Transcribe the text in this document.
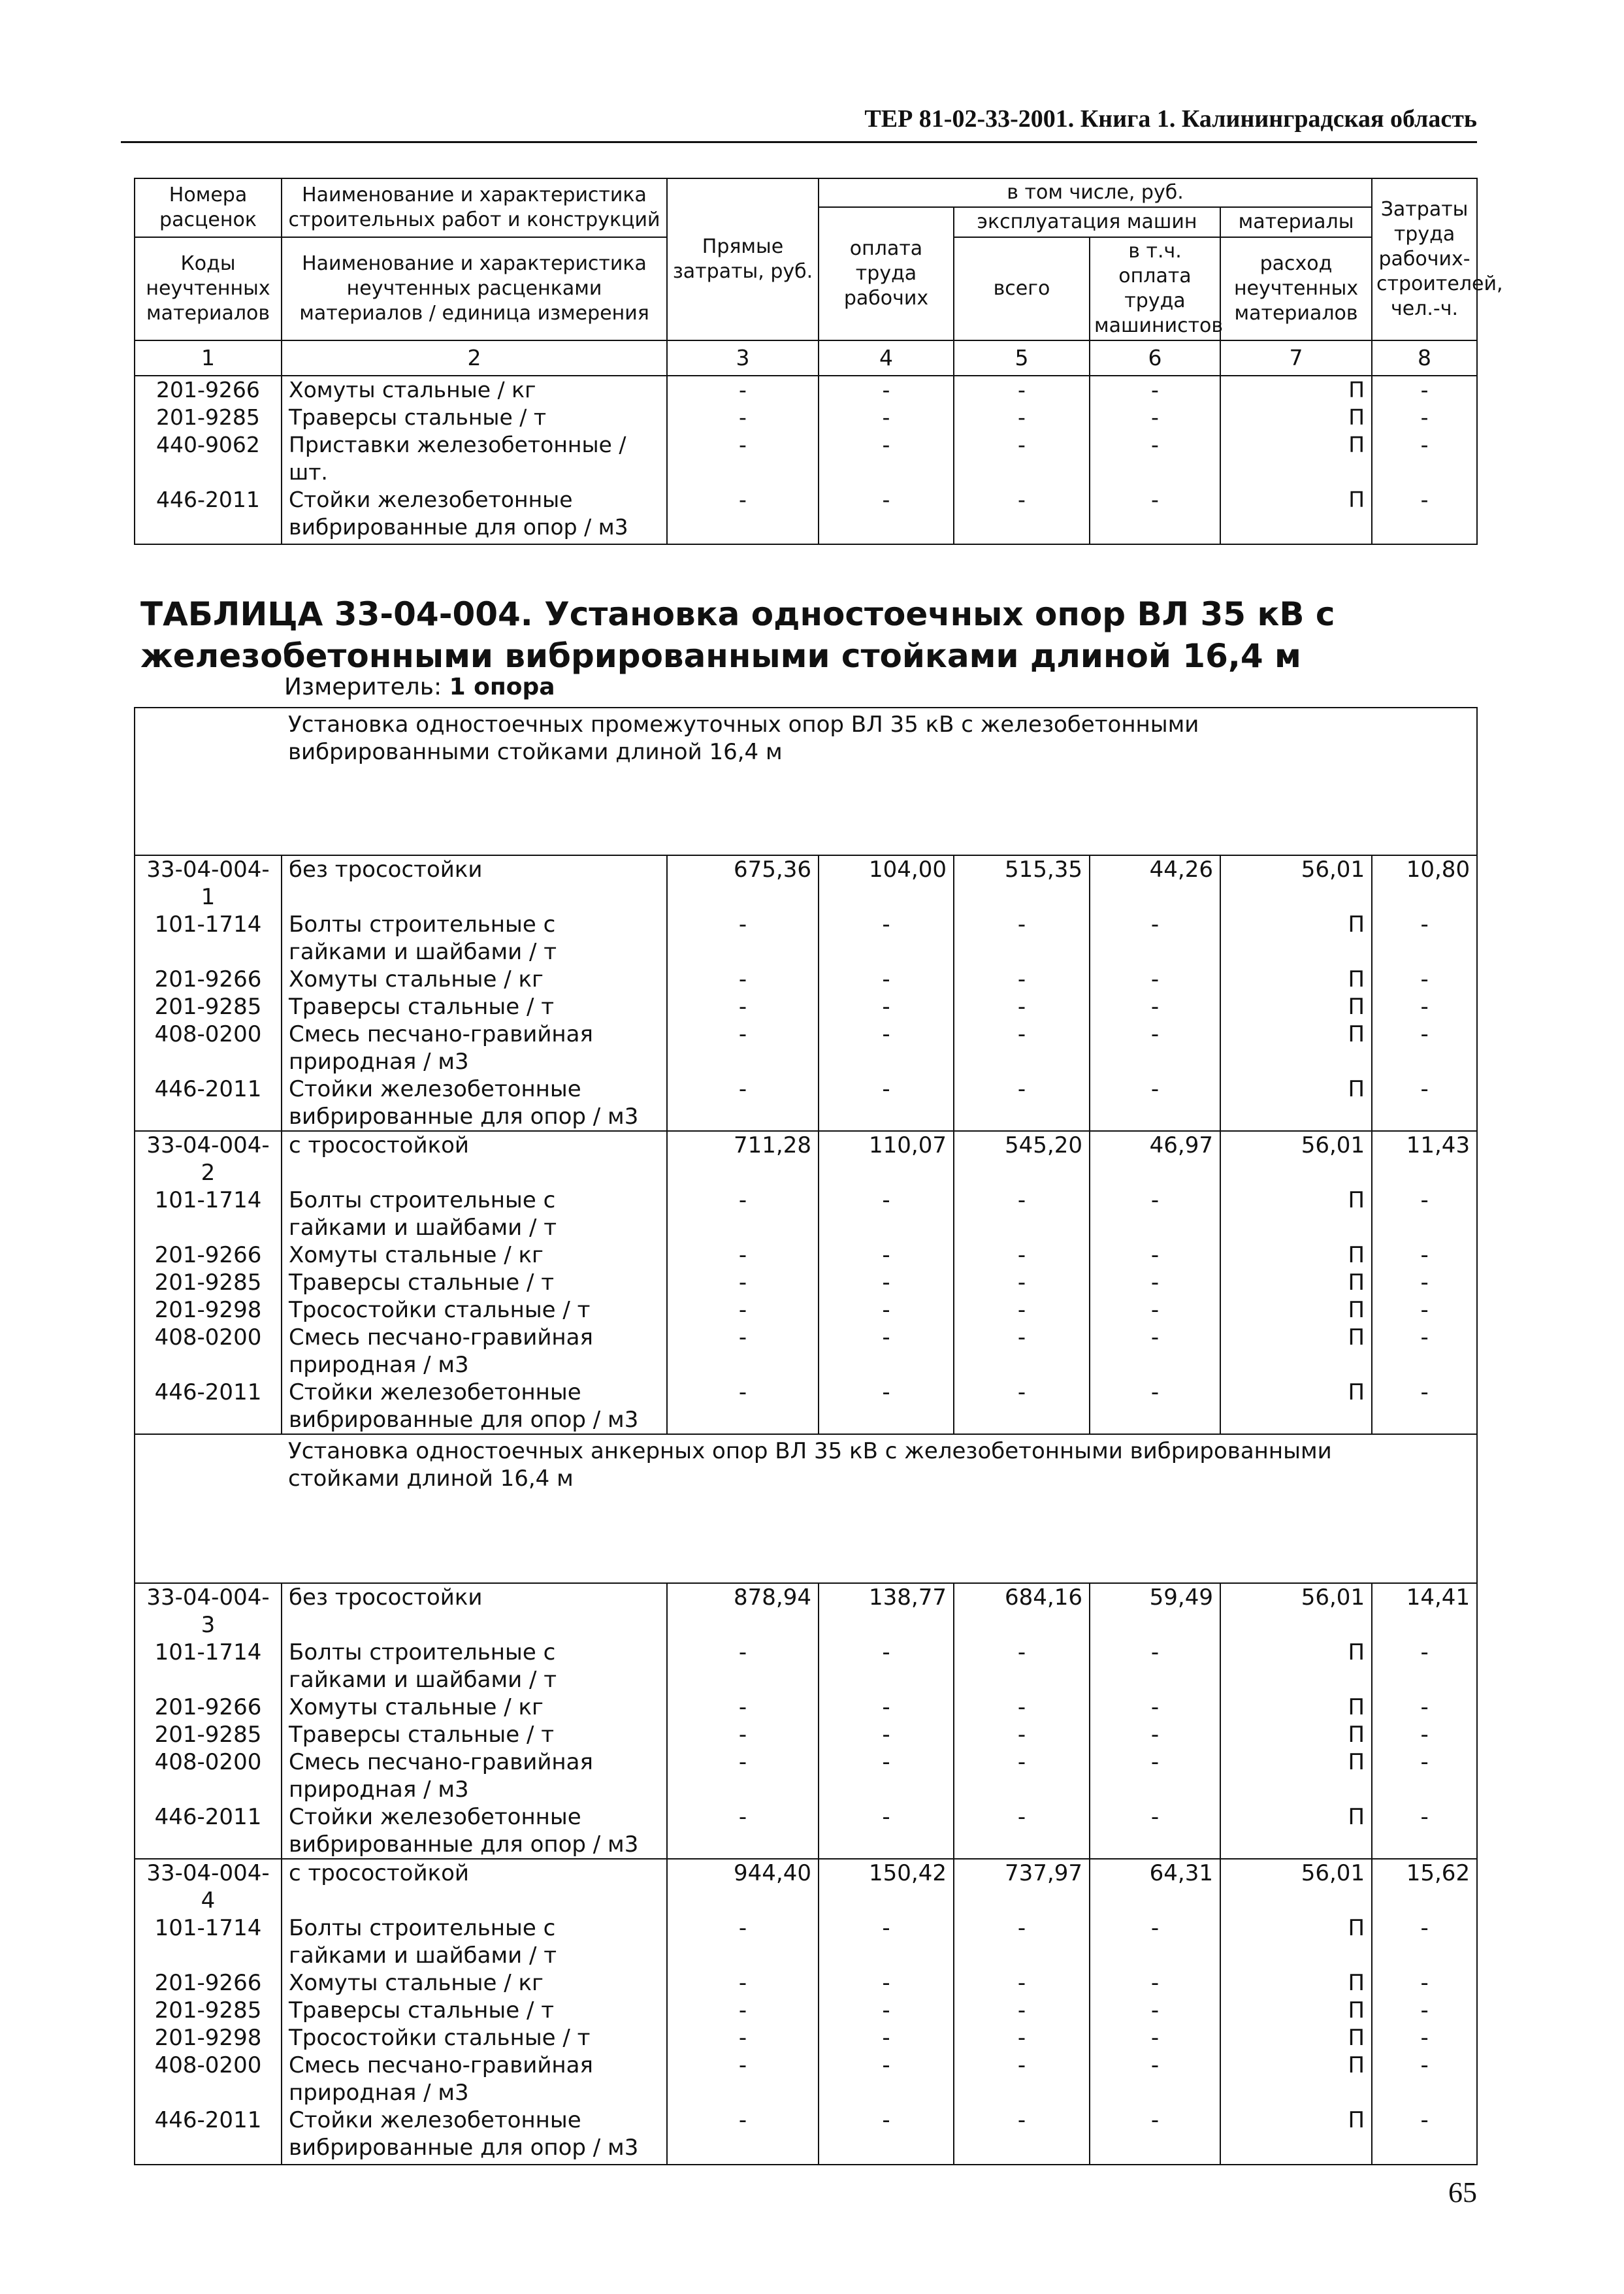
ТЕР 81-02-33-2001. Книга 1. Калининградская область
Номера расценок	Наименование и характеристика строительных работ и конструкций	Прямые затраты, руб.	в том числе, руб.				Затраты труда рабочих-строителей, чел.-ч.
			оплата труда рабочих	эксплуатация машин		материалы	
Коды неучтенных материалов	Наименование и характеристика неучтенных расценками материалов / единица измерения			всего	в т.ч. оплата труда машинистов	расход неучтенных материалов	

1	2	3	4	5	6	7	8
201-9266	Хомуты стальные / кг	-	-	-	-	П	-
201-9285	Траверсы стальные / т	-	-	-	-	П	-
440-9062	Приставки железобетонные / шт.	-	-	-	-	П	-
446-2011	Стойки железобетонные вибрированные для опор / м3	-	-	-	-	П	-
ТАБЛИЦА 33-04-004. Установка одностоечных опор ВЛ 35 кВ с железобетонными вибрированными стойками длиной 16,4 м
Измеритель: 1 опора
	Установка одностоечных промежуточных опор ВЛ 35 кВ с железобетонными вибрированными стойками длиной 16,4 м						
33-04-004-1	без тросостойки	675,36	104,00	515,35	44,26	56,01	10,80
101-1714	Болты строительные с гайками и шайбами / т	-	-	-	-	П	-
201-9266	Хомуты стальные / кг	-	-	-	-	П	-
201-9285	Траверсы стальные / т	-	-	-	-	П	-
408-0200	Смесь песчано-гравийная природная / м3	-	-	-	-	П	-
446-2011	Стойки железобетонные вибрированные для опор / м3	-	-	-	-	П	-
33-04-004-2	с тросостойкой	711,28	110,07	545,20	46,97	56,01	11,43
101-1714	Болты строительные с гайками и шайбами / т	-	-	-	-	П	-
201-9266	Хомуты стальные / кг	-	-	-	-	П	-
201-9285	Траверсы стальные / т	-	-	-	-	П	-
201-9298	Тросостойки стальные / т	-	-	-	-	П	-
408-0200	Смесь песчано-гравийная природная / м3	-	-	-	-	П	-
446-2011	Стойки железобетонные вибрированные для опор / м3	-	-	-	-	П	-
	Установка одностоечных анкерных опор ВЛ 35 кВ с железобетонными вибрированными стойками длиной 16,4 м						
33-04-004-3	без тросостойки	878,94	138,77	684,16	59,49	56,01	14,41
101-1714	Болты строительные с гайками и шайбами / т	-	-	-	-	П	-
201-9266	Хомуты стальные / кг	-	-	-	-	П	-
201-9285	Траверсы стальные / т	-	-	-	-	П	-
408-0200	Смесь песчано-гравийная природная / м3	-	-	-	-	П	-
446-2011	Стойки железобетонные вибрированные для опор / м3	-	-	-	-	П	-
33-04-004-4	с тросостойкой	944,40	150,42	737,97	64,31	56,01	15,62
101-1714	Болты строительные с гайками и шайбами / т	-	-	-	-	П	-
201-9266	Хомуты стальные / кг	-	-	-	-	П	-
201-9285	Траверсы стальные / т	-	-	-	-	П	-
201-9298	Тросостойки стальные / т	-	-	-	-	П	-
408-0200	Смесь песчано-гравийная природная / м3	-	-	-	-	П	-
446-2011	Стойки железобетонные вибрированные для опор / м3	-	-	-	-	П	-
65
